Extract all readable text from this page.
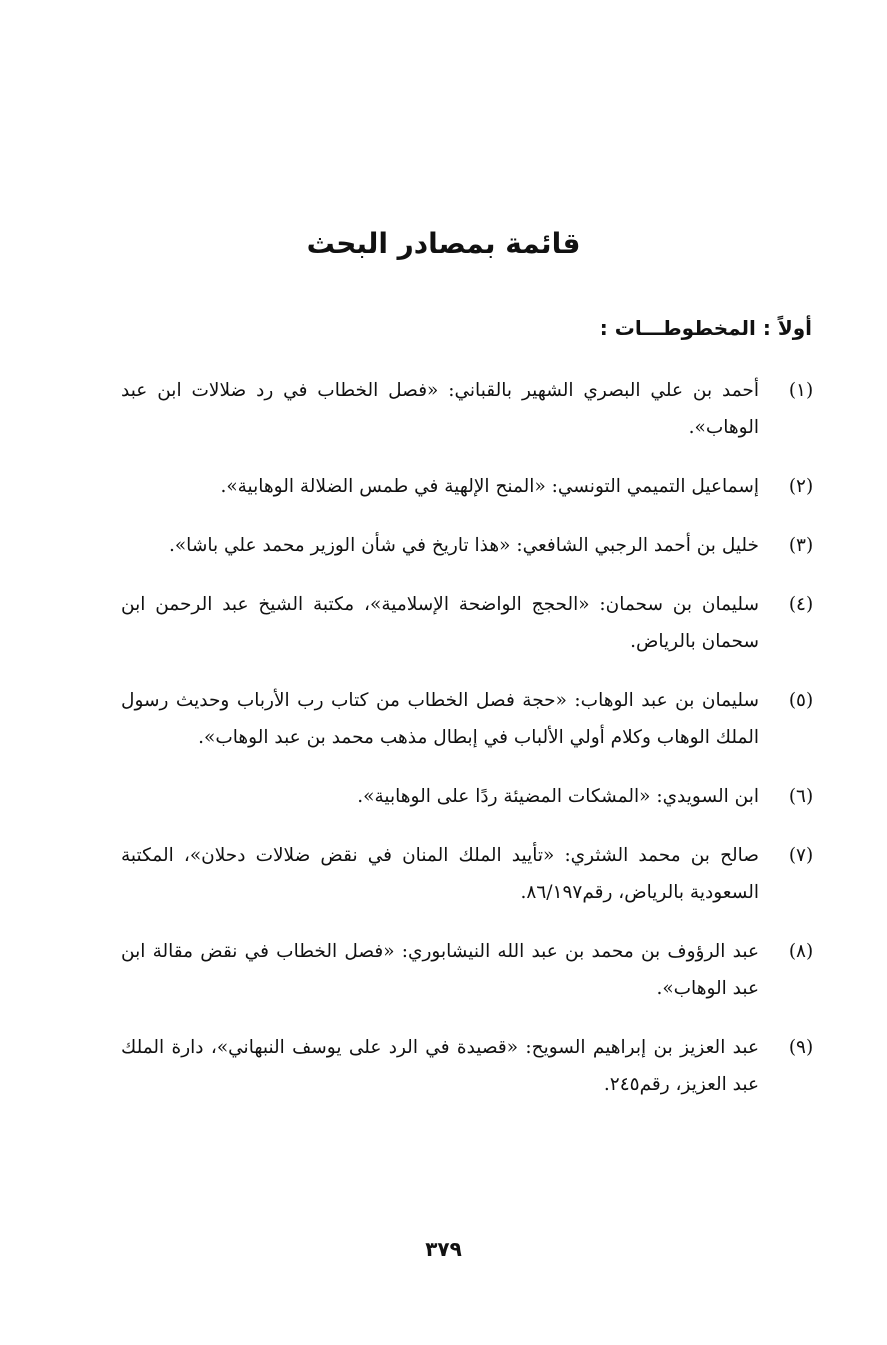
قائمة بمصادر البحث
أولاً : المخطوطـــات :
(١)
أحمد بن علي البصري الشهير بالقباني: «فصل الخطاب في رد ضلالات ابن عبد الوهاب».
(٢)
إسماعيل التميمي التونسي: «المنح الإلهية في طمس الضلالة الوهابية».
(٣)
خليل بن أحمد الرجبي الشافعي: «هذا تاريخ في شأن الوزير محمد علي باشا».
(٤)
سليمان بن سحمان: «الحجج الواضحة الإسلامية»، مكتبة الشيخ عبد الرحمن ابن سحمان بالرياض.
(٥)
سليمان بن عبد الوهاب: «حجة فصل الخطاب من كتاب رب الأرباب وحديث رسول الملك الوهاب وكلام أولي الألباب في إبطال مذهب محمد بن عبد الوهاب».
(٦)
ابن السويدي: «المشكات المضيئة ردًا على الوهابية».
(٧)
صالح بن محمد الشثري: «تأييد الملك المنان في نقض ضلالات دحلان»، المكتبة السعودية بالرياض، رقم٨٦/١٩٧.
(٨)
عبد الرؤوف بن محمد بن عبد الله النيشابوري: «فصل الخطاب في نقض مقالة ابن عبد الوهاب».
(٩)
عبد العزيز بن إبراهيم السويح: «قصيدة في الرد على يوسف النبهاني»، دارة الملك عبد العزيز، رقم٢٤٥.
٣٧٩
